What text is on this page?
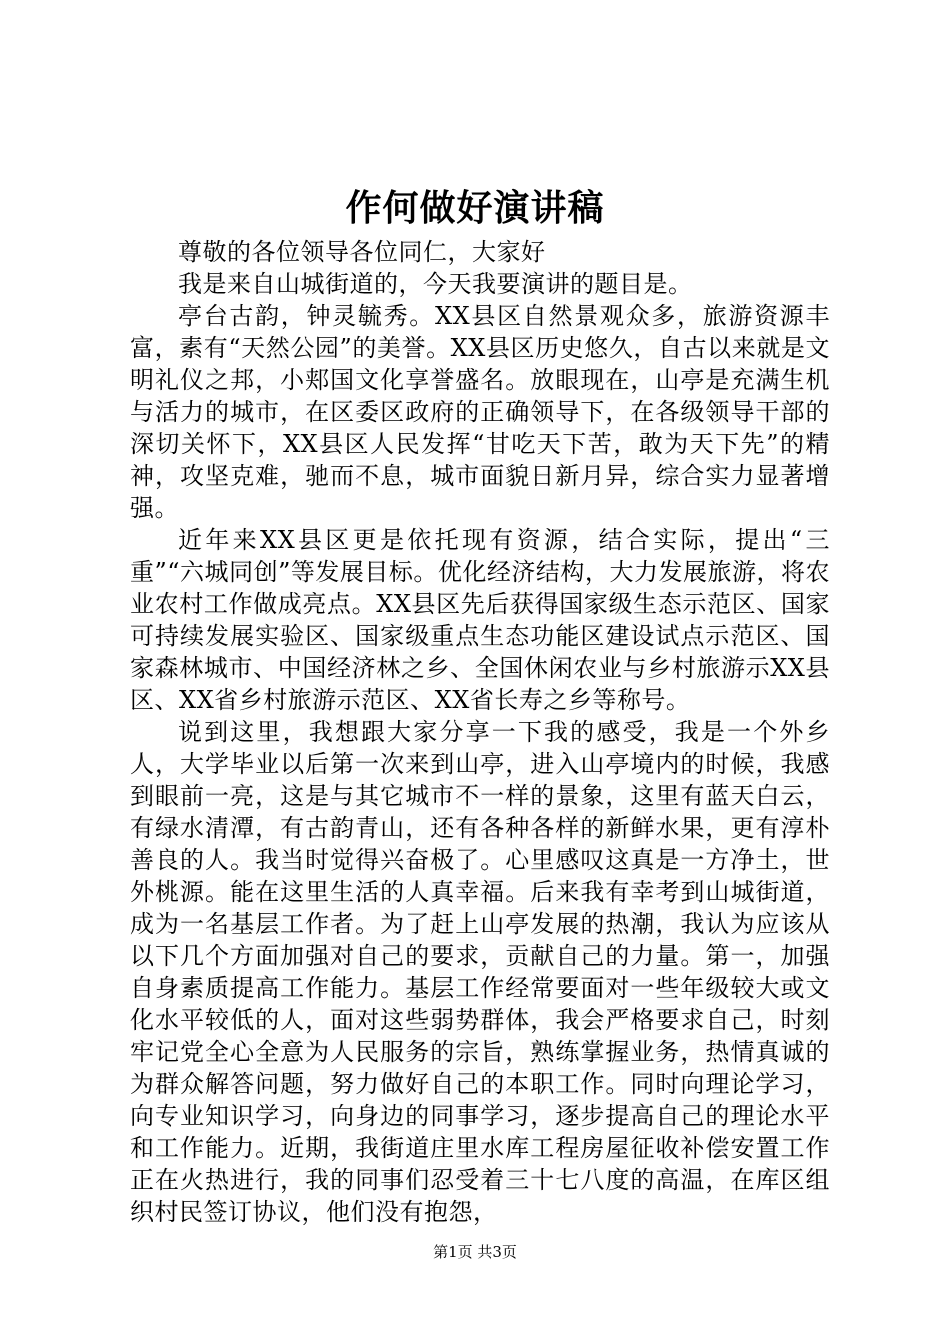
作何做好演讲稿

尊敬的各位领导各位同仁，大家好

我是来自山城街道的，今天我要演讲的题目是。

亭台古韵，钟灵毓秀。XX县区自然景观众多，旅游资源丰富，素有“天然公园”的美誉。XX县区历史悠久，自古以来就是文明礼仪之邦，小郏国文化享誉盛名。放眼现在，山亭是充满生机与活力的城市，在区委区政府的正确领导下，在各级领导干部的深切关怀下，XX县区人民发挥“甘吃天下苦，敢为天下先”的精神，攻坚克难，驰而不息，城市面貌日新月异，综合实力显著增强。

近年来XX县区更是依托现有资源，结合实际，提出“三重”“六城同创”等发展目标。优化经济结构，大力发展旅游，将农业农村工作做成亮点。XX县区先后获得国家级生态示范区、国家可持续发展实验区、国家级重点生态功能区建设试点示范区、国家森林城市、中国经济林之乡、全国休闲农业与乡村旅游示XX县区、XX省乡村旅游示范区、XX省长寿之乡等称号。

说到这里，我想跟大家分享一下我的感受，我是一个外乡人，大学毕业以后第一次来到山亭，进入山亭境内的时候，我感到眼前一亮，这是与其它城市不一样的景象，这里有蓝天白云，有绿水清潭，有古韵青山，还有各种各样的新鲜水果，更有淳朴善良的人。我当时觉得兴奋极了。心里感叹这真是一方净土，世外桃源。能在这里生活的人真幸福。后来我有幸考到山城街道，成为一名基层工作者。为了赶上山亭发展的热潮，我认为应该从以下几个方面加强对自己的要求，贡献自己的力量。第一，加强自身素质提高工作能力。基层工作经常要面对一些年级较大或文化水平较低的人，面对这些弱势群体，我会严格要求自己，时刻牢记党全心全意为人民服务的宗旨，熟练掌握业务，热情真诚的为群众解答问题，努力做好自己的本职工作。同时向理论学习，向专业知识学习，向身边的同事学习，逐步提高自己的理论水平和工作能力。近期，我街道庄里水库工程房屋征收补偿安置工作正在火热进行，我的同事们忍受着三十七八度的高温，在库区组织村民签订协议，他们没有抱怨，

第1页 共3页
